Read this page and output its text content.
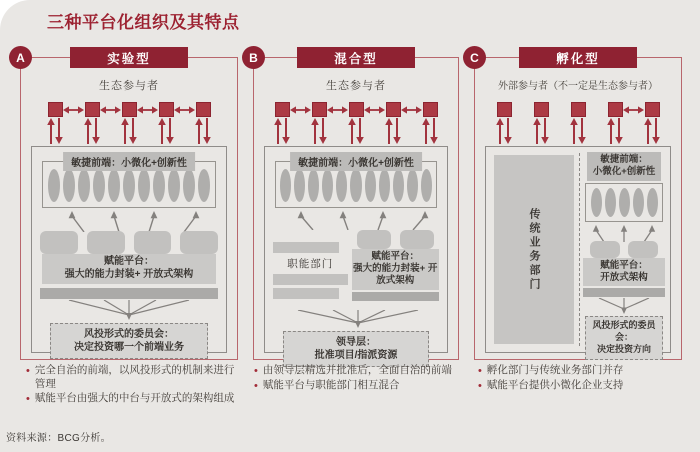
三种平台化组织及其特点
A	实验型
生态参与者
敏捷前端：小微化+创新性
赋能平台：
强大的能力封装+ 开放式架构
风投形式的委员会：
决定投资哪一个前端业务
B	混合型
生态参与者
敏捷前端：小微化+创新性
职能部门
赋能平台：
强大的能力封装+ 开放式架构
领导层：
批准项目/指派资源
C	孵化型
外部参与者（不一定是生态参与者）
传统业务部门
敏捷前端：
小微化+创新性
赋能平台：
开放式架构
风投形式的委员会：
决定投资方向
• 完全自治的前端，以风投形式的机制来进行管理
• 赋能平台由强大的中台与开放式的架构组成
• 由领导层精选并批准后，全面自治的前端
• 赋能平台与职能部门相互混合
• 孵化部门与传统业务部门并存
• 赋能平台提供小微化企业支持
资料来源：BCG分析。
